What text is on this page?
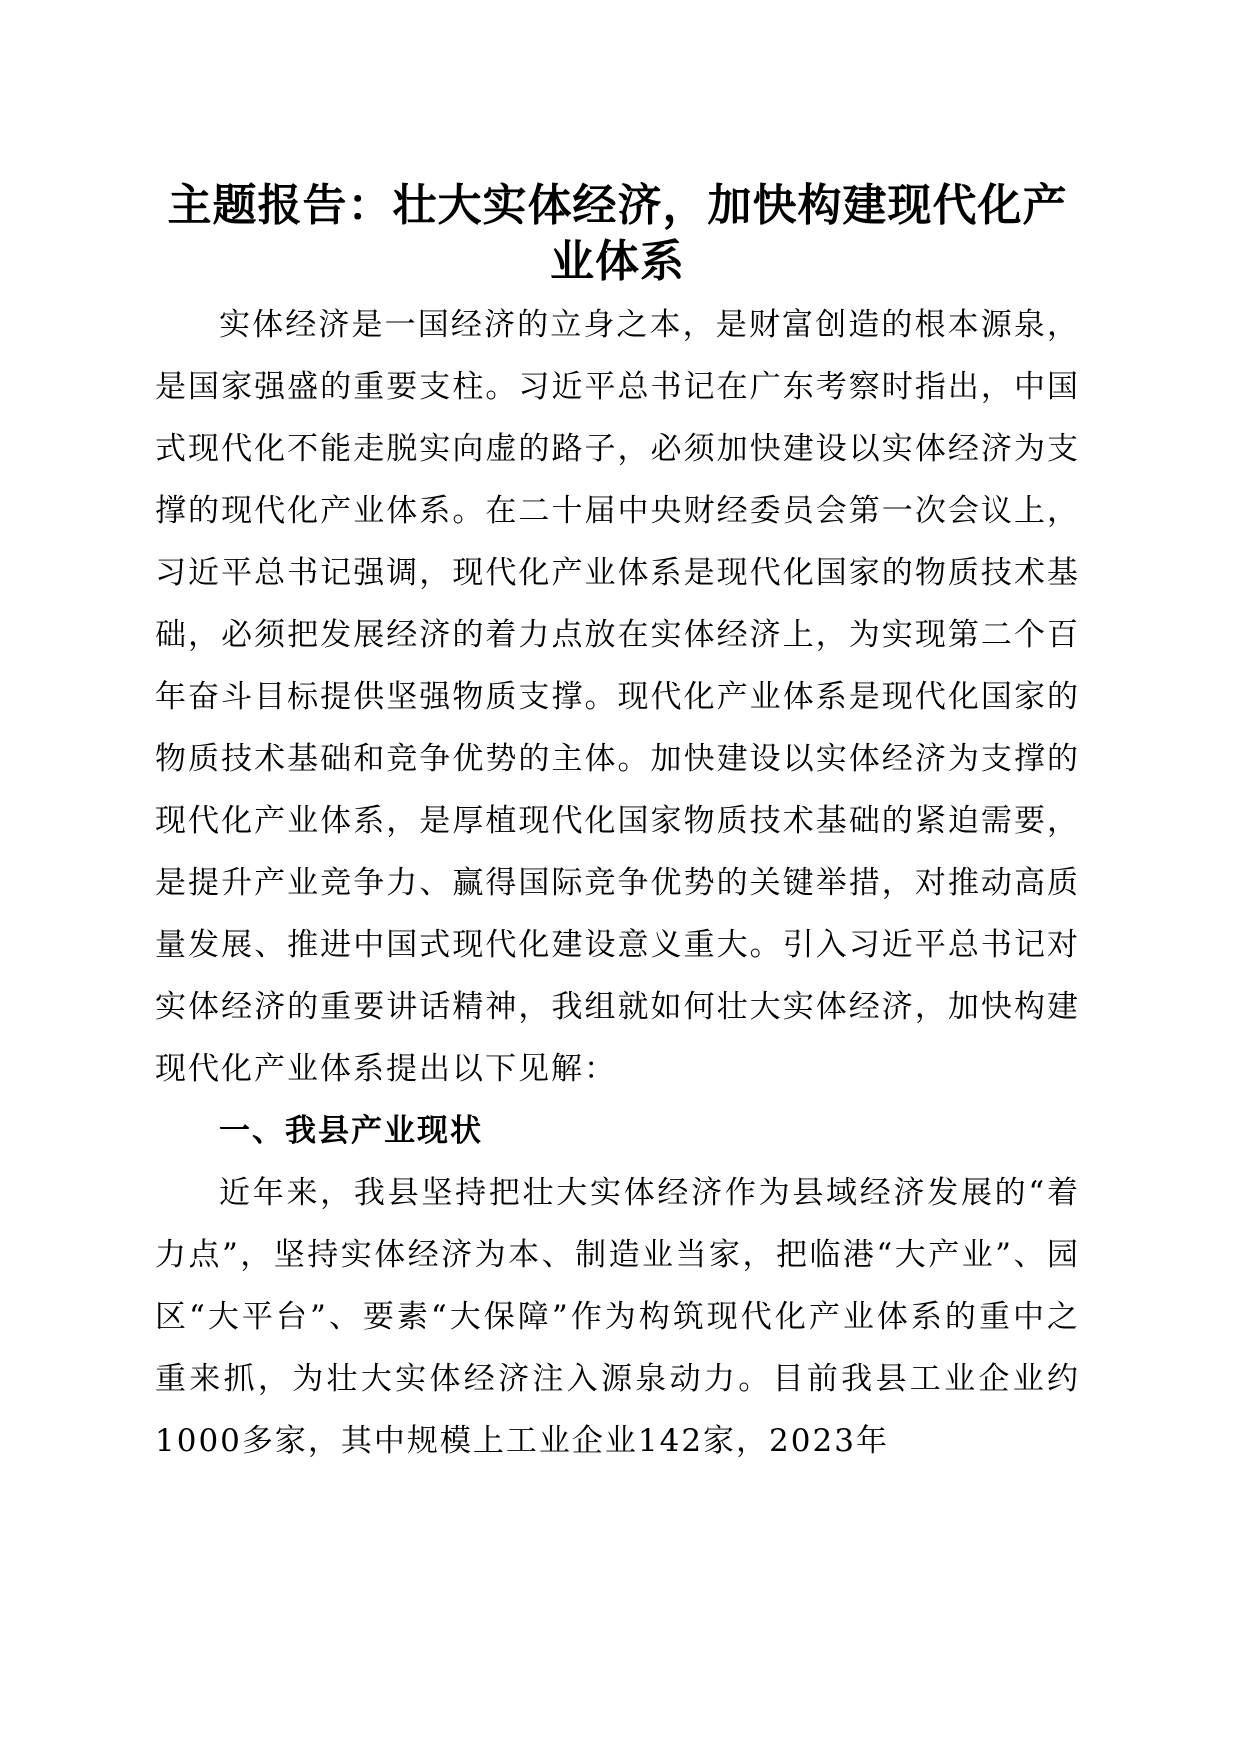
主题报告：壮大实体经济，加快构建现代化产业体系

实体经济是一国经济的立身之本，是财富创造的根本源泉，是国家强盛的重要支柱。习近平总书记在广东考察时指出，中国式现代化不能走脱实向虚的路子，必须加快建设以实体经济为支撑的现代化产业体系。在二十届中央财经委员会第一次会议上，习近平总书记强调，现代化产业体系是现代化国家的物质技术基础，必须把发展经济的着力点放在实体经济上，为实现第二个百年奋斗目标提供坚强物质支撑。现代化产业体系是现代化国家的物质技术基础和竞争优势的主体。加快建设以实体经济为支撑的现代化产业体系，是厚植现代化国家物质技术基础的紧迫需要，是提升产业竞争力、赢得国际竞争优势的关键举措，对推动高质量发展、推进中国式现代化建设意义重大。引入习近平总书记对实体经济的重要讲话精神，我组就如何壮大实体经济，加快构建现代化产业体系提出以下见解：

一、我县产业现状

近年来，我县坚持把壮大实体经济作为县域经济发展的“着力点”，坚持实体经济为本、制造业当家，把临港“大产业”、园区“大平台”、要素“大保障”作为构筑现代化产业体系的重中之重来抓，为壮大实体经济注入源泉动力。目前我县工业企业约1000多家，其中规模上工业企业142家，2023年
